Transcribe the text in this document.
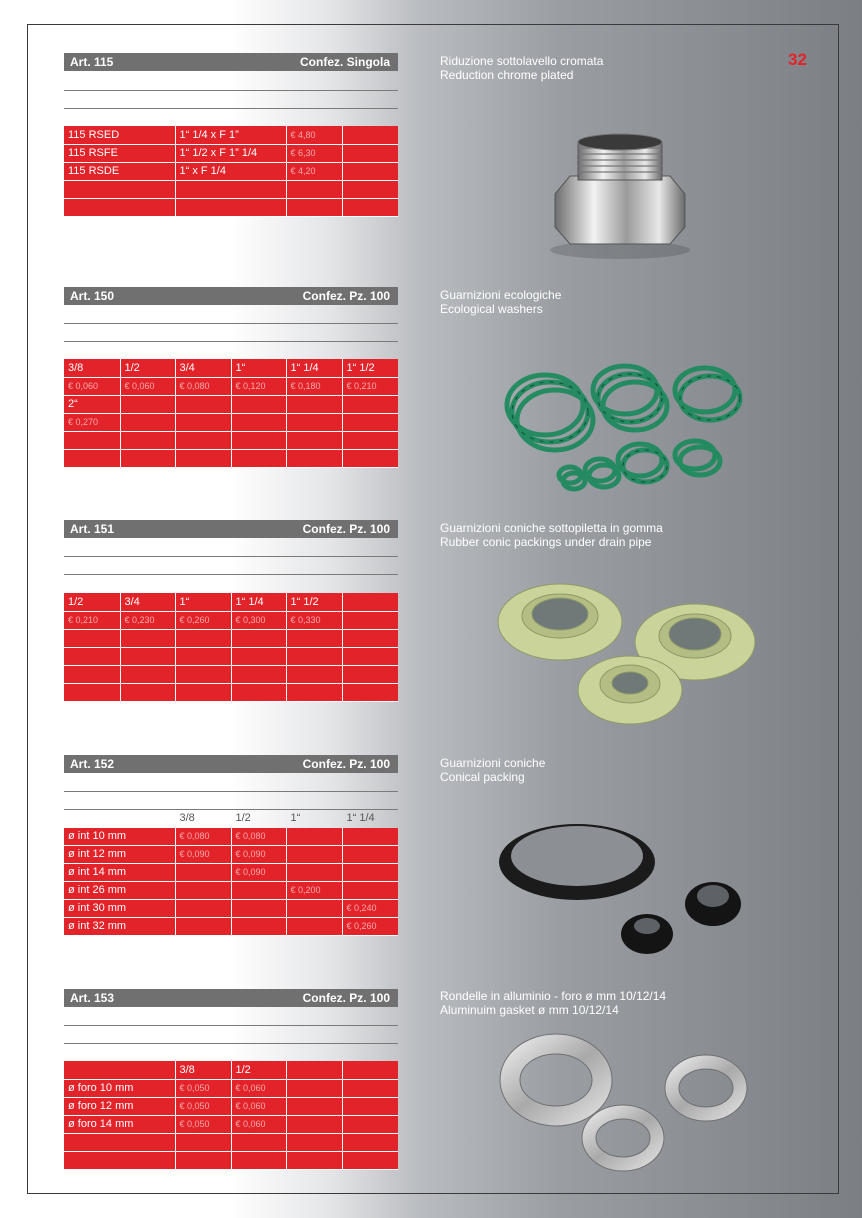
32
Art. 115	Confez. Singola
115 RSED	1“ 1/4 x F 1”	€ 4,80	
115 RSFE	1“ 1/2 x F 1” 1/4	€ 6,30	
115 RSDE	1“ x F 1/4	€ 4,20	

Riduzione sottolavello cromata
Reduction chrome plated
Art. 150	Confez. Pz. 100
3/8	1/2	3/4	1“	1“ 1/4	1“ 1/2
€ 0,060	€ 0,060	€ 0,080	€ 0,120	€ 0,180	€ 0,210
2“					
€ 0,270					

Guarnizioni ecologiche
Ecological washers
Art. 151	Confez. Pz. 100
1/2	3/4	1“	1“ 1/4	1“ 1/2	
€ 0,210	€ 0,230	€ 0,260	€ 0,300	€ 0,330	

Guarnizioni coniche sottopiletta in gomma
Rubber conic packings under drain pipe
Art. 152	Confez. Pz. 100
	3/8	1/2	1“	1“ 1/4
ø int 10 mm	€ 0,080	€ 0,080		
ø int 12 mm	€ 0,090	€ 0,090		
ø int 14 mm		€ 0,090		
ø int 26 mm			€ 0,200	
ø int 30 mm				€ 0,240
ø int 32 mm				€ 0,260
Guarnizioni coniche
Conical packing
Art. 153	Confez. Pz. 100
	3/8	1/2		
ø foro 10 mm	€ 0,050	€ 0,060		
ø foro 12 mm	€ 0,050	€ 0,060		
ø foro 14 mm	€ 0,050	€ 0,060		

Rondelle in alluminio - foro ø mm 10/12/14
Aluminuim gasket ø mm 10/12/14
